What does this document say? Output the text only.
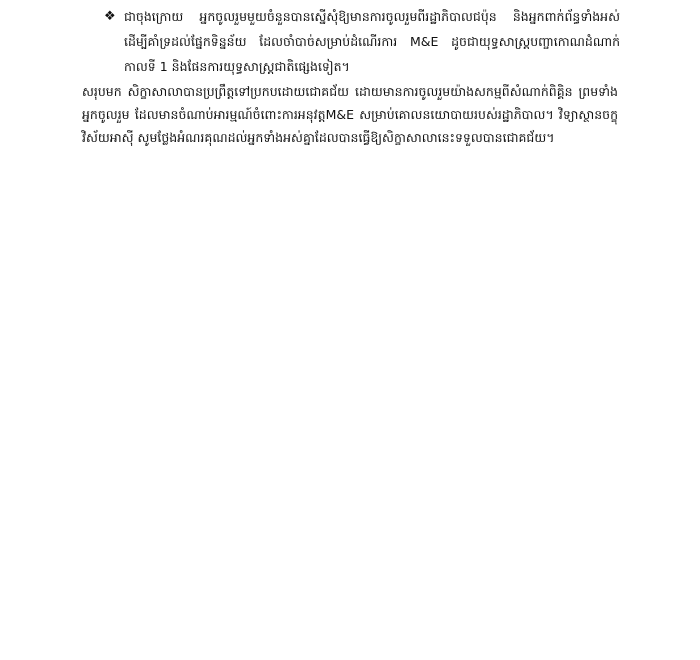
❖ ជាចុងក្រោយ អ្នកចូលរួមមួយចំនួនបានស្នើសុំឱ្យមានការចូលរួមពីរដ្ឋាភិបាលជប៉ុន និងអ្នកពាក់ព័ន្ធទាំងអស់ ដើម្បីគាំទ្រដល់ផ្នែកទិន្នន័យ ដែលចាំបាច់សម្រាប់ដំណើរការ M&E ដូចជាយុទ្ធសាស្រ្តបញ្ចាកោណដំណាក់កាលទី 1 និងផែនការយុទ្ធសាស្រ្តជាតិផ្សេងទៀត។

សរុបមក សិក្ខាសាលាបានប្រព្រឹត្តទៅប្រកបដោយជោគជ័យ ដោយមានការចូលរួមយ៉ាងសកម្មពីសំណាក់ពិគ្គិន ព្រមទាំងអ្នកចូលរួម ដែលមានចំណាប់អារម្មណ៍ចំពោះការអនុវត្តM&E សម្រាប់គោលនយោបាយរបស់រដ្ឋាភិបាល។ វិទ្យាស្ថានចក្ខុវិស័យអាស៊ី សូមថ្លែងអំណរគុណដល់អ្នកទាំងអស់គ្នាដែលបានធ្វើឱ្យសិក្ខាសាលានេះទទួលបានជោគជ័យ។
